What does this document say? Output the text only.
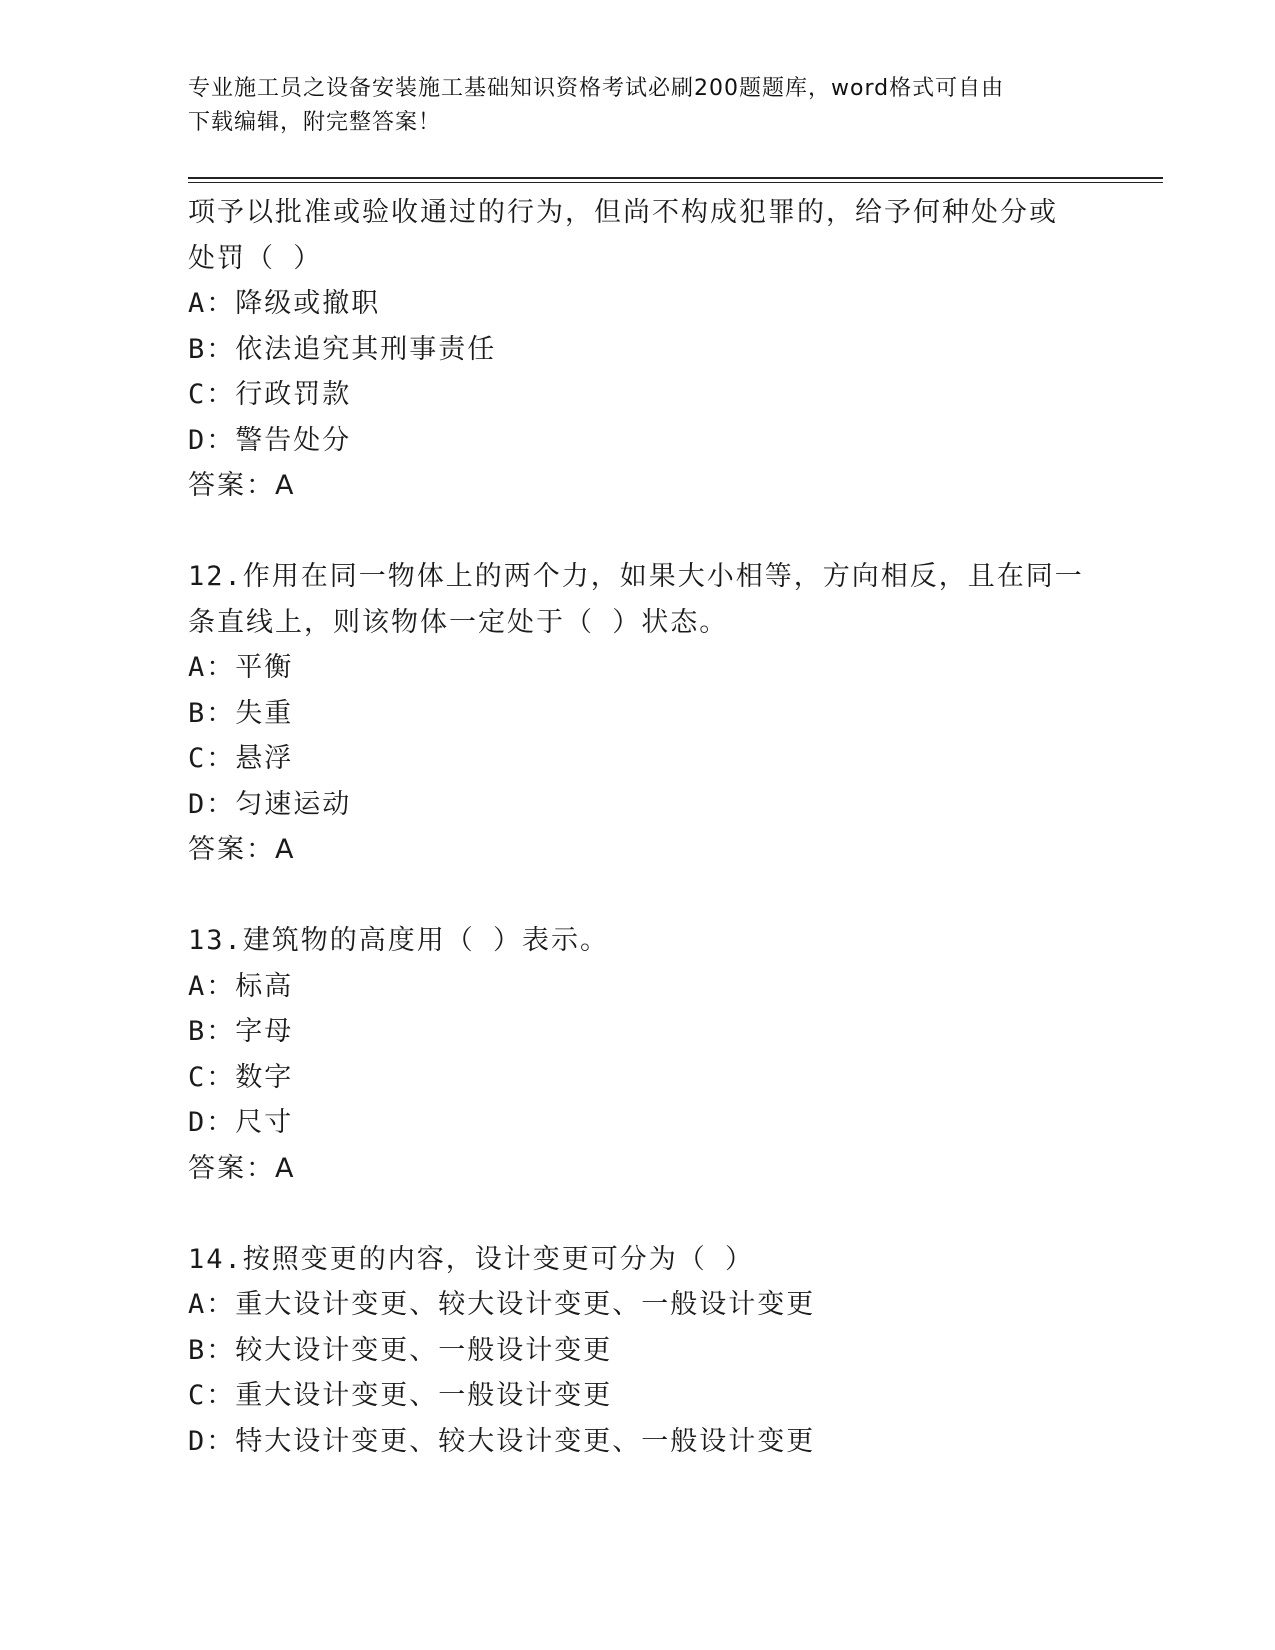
专业施工员之设备安装施工基础知识资格考试必刷200题题库，word格式可自由
下载编辑，附完整答案！
项予以批准或验收通过的行为，但尚不构成犯罪的，给予何种处分或
处罚（ ）
A：降级或撤职
B：依法追究其刑事责任
C：行政罚款
D：警告处分
答案：A
12.作用在同一物体上的两个力，如果大小相等，方向相反，且在同一
条直线上，则该物体一定处于（ ）状态。
A：平衡
B：失重
C：悬浮
D：匀速运动
答案：A
13.建筑物的高度用（ ）表示。
A：标高
B：字母
C：数字
D：尺寸
答案：A
14.按照变更的内容，设计变更可分为（ ）
A：重大设计变更、较大设计变更、一般设计变更
B：较大设计变更、一般设计变更
C：重大设计变更、一般设计变更
D：特大设计变更、较大设计变更、一般设计变更
